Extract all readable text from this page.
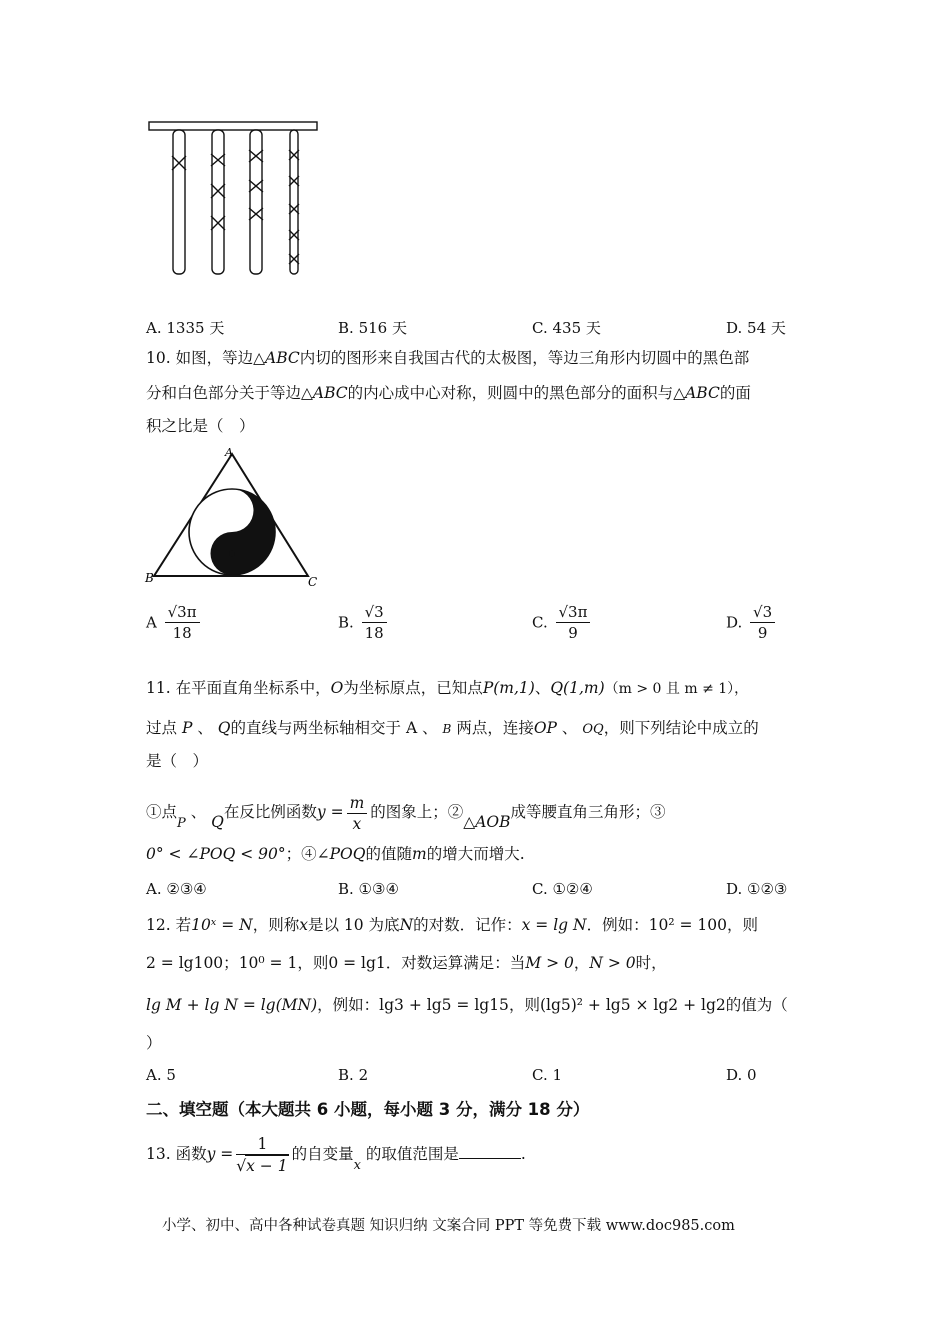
A. 1335 天	B. 516 天	C. 435 天	D. 54 天
10. 如图，等边△ABC内切的图形来自我国古代的太极图，等边三角形内切圆中的黑色部
分和白色部分关于等边△ABC的内心成中心对称，则圆中的黑色部分的面积与△ABC的面
积之比是（　）
A
B	C
A $\frac{√3\pi}{18}$	B. $\frac{√3}{18}$	C. $\frac{√3\pi}{9}$	D. $\frac{√3}{9}$
11. 在平面直角坐标系中，O为坐标原点，已知点P(m,1)、Q(1,m)（m > 0 且 m ≠ 1），
过点 P 、 Q的直线与两坐标轴相交于 A 、 B 两点，连接OP 、 OQ，则下列结论中成立的
是（　）
①点$_P$ 、 Q在反比例函数$y = \frac{m}{x}$ 的图象上；②△AOB成等腰直角三角形；③
0° < ∠POQ < 90°；④∠POQ的值随m的增大而增大.
A. ②③④	B. ①③④	C. ①②④	D. ①②③
12. 若10ˣ = N，则称x是以 10 为底N的对数．记作：x = lg N．例如：10² = 100，则
2 = lg100；10⁰ = 1，则0 = lg1．对数运算满足：当M > 0，N > 0时，
lg M + lg N = lg(MN)，例如：lg3 + lg5 = lg15，则(lg5)² + lg5 × lg2 + lg2的值为（
）
A. 5	B. 2	C. 1	D. 0
二、填空题（本大题共 6 小题，每小题 3 分，满分 18 分）
13. 函数$y = \frac{1}{√x - 1}$ 的自变量$_x$ 的取值范围是	.
小学、初中、高中各种试卷真题 知识归纳 文案合同 PPT 等免费下载 www.doc985.com
